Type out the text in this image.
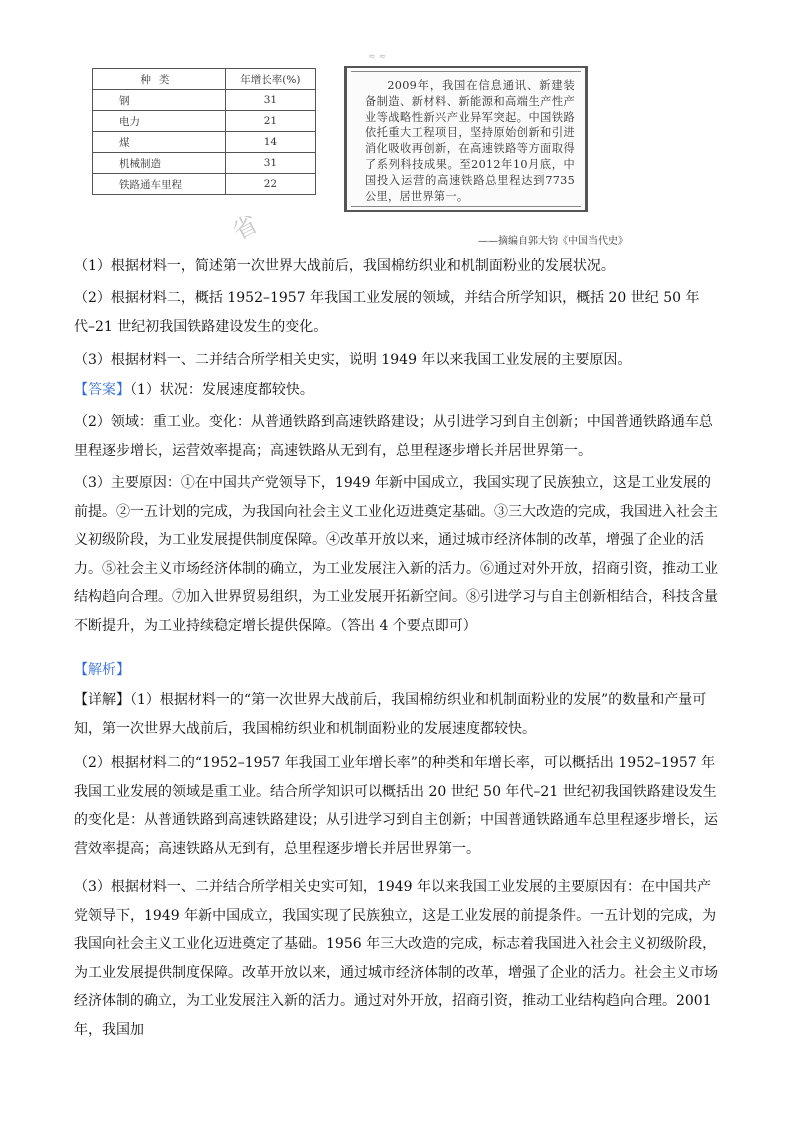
种类	年增长率(%)
钢	31
电力	21
煤	14
机械制造	31
铁路通车里程	22
≈ ≈
2009年，我国在信息通讯、新建装备制造、新材料、新能源和高端生产性产业等战略性新兴产业异军突起。中国铁路依托重大工程项目，坚持原始创新和引进消化吸收再创新，在高速铁路等方面取得了系列科技成果。至2012年10月底，中国投入运营的高速铁路总里程达到7735公里，居世界第一。
——摘编自郭大钧《中国当代史》
省
（1）根据材料一，简述第一次世界大战前后，我国棉纺织业和机制面粉业的发展状况。
（2）根据材料二，概括 1952–1957 年我国工业发展的领域，并结合所学知识，概括 20 世纪 50 年代–21 世纪初我国铁路建设发生的变化。
（3）根据材料一、二并结合所学相关史实，说明 1949 年以来我国工业发展的主要原因。
【答案】（1）状况：发展速度都较快。
（2）领域：重工业。变化：从普通铁路到高速铁路建设；从引进学习到自主创新；中国普通铁路通车总里程逐步增长，运营效率提高；高速铁路从无到有，总里程逐步增长并居世界第一。
（3）主要原因：①在中国共产党领导下，1949 年新中国成立，我国实现了民族独立，这是工业发展的前提。②一五计划的完成，为我国向社会主义工业化迈进奠定基础。③三大改造的完成，我国进入社会主义初级阶段，为工业发展提供制度保障。④改革开放以来，通过城市经济体制的改革，增强了企业的活力。⑤社会主义市场经济体制的确立，为工业发展注入新的活力。⑥通过对外开放，招商引资，推动工业结构趋向合理。⑦加入世界贸易组织，为工业发展开拓新空间。⑧引进学习与自主创新相结合，科技含量不断提升，为工业持续稳定增长提供保障。（答出 4 个要点即可）
【解析】
【详解】（1）根据材料一的“第一次世界大战前后，我国棉纺织业和机制面粉业的发展”的数量和产量可知，第一次世界大战前后，我国棉纺织业和机制面粉业的发展速度都较快。
（2）根据材料二的“1952–1957 年我国工业年增长率”的种类和年增长率，可以概括出 1952–1957 年我国工业发展的领域是重工业。结合所学知识可以概括出 20 世纪 50 年代–21 世纪初我国铁路建设发生的变化是：从普通铁路到高速铁路建设；从引进学习到自主创新；中国普通铁路通车总里程逐步增长，运营效率提高；高速铁路从无到有，总里程逐步增长并居世界第一。
（3）根据材料一、二并结合所学相关史实可知，1949 年以来我国工业发展的主要原因有：在中国共产党领导下，1949 年新中国成立，我国实现了民族独立，这是工业发展的前提条件。一五计划的完成，为我国向社会主义工业化迈进奠定了基础。1956 年三大改造的完成，标志着我国进入社会主义初级阶段，为工业发展提供制度保障。改革开放以来，通过城市经济体制的改革，增强了企业的活力。社会主义市场经济体制的确立，为工业发展注入新的活力。通过对外开放，招商引资，推动工业结构趋向合理。2001 年，我国加
